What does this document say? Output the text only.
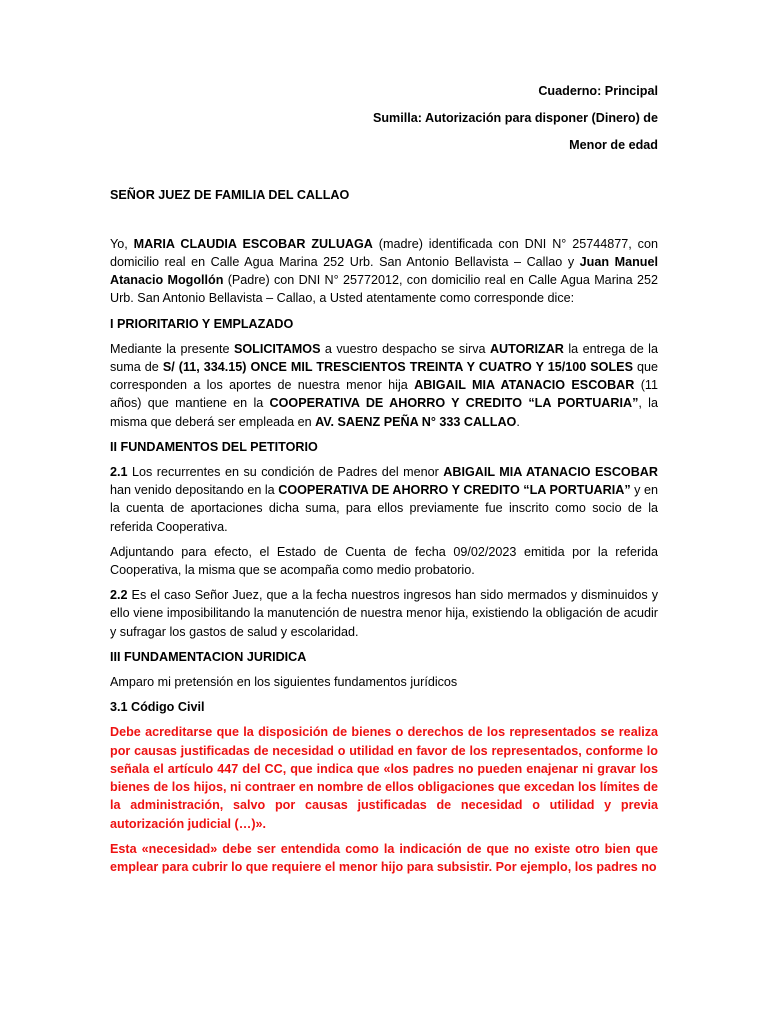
Cuaderno: Principal
Sumilla: Autorización para disponer (Dinero) de
Menor de edad
SEÑOR JUEZ DE FAMILIA DEL CALLAO

Yo, MARIA CLAUDIA ESCOBAR ZULUAGA (madre) identificada con DNI N° 25744877, con domicilio real en Calle Agua Marina 252 Urb. San Antonio Bellavista – Callao y Juan Manuel Atanacio Mogollón (Padre) con DNI N° 25772012, con domicilio real en Calle Agua Marina 252 Urb. San Antonio Bellavista – Callao, a Usted atentamente como corresponde dice:

I PRIORITARIO Y EMPLAZADO

Mediante la presente SOLICITAMOS a vuestro despacho se sirva AUTORIZAR la entrega de la suma de S/ (11, 334.15) ONCE MIL TRESCIENTOS TREINTA Y CUATRO Y 15/100 SOLES que corresponden a los aportes de nuestra menor hija ABIGAIL MIA ATANACIO ESCOBAR (11 años) que mantiene en la COOPERATIVA DE AHORRO Y CREDITO “LA PORTUARIA”, la misma que deberá ser empleada en AV. SAENZ PEÑA N° 333 CALLAO.

II FUNDAMENTOS DEL PETITORIO

2.1 Los recurrentes en su condición de Padres del menor ABIGAIL MIA ATANACIO ESCOBAR han venido depositando en la COOPERATIVA DE AHORRO Y CREDITO “LA PORTUARIA” y en la cuenta de aportaciones dicha suma, para ellos previamente fue inscrito como socio de la referida Cooperativa.

Adjuntando para efecto, el Estado de Cuenta de fecha 09/02/2023 emitida por la referida Cooperativa, la misma que se acompaña como medio probatorio.

2.2 Es el caso Señor Juez, que a la fecha nuestros ingresos han sido mermados y disminuidos y ello viene imposibilitando la manutención de nuestra menor hija, existiendo la obligación de acudir y sufragar los gastos de salud y escolaridad.

III FUNDAMENTACION JURIDICA
Amparo mi pretensión en los siguientes fundamentos jurídicos
3.1 Código Civil

Debe acreditarse que la disposición de bienes o derechos de los representados se realiza por causas justificadas de necesidad o utilidad en favor de los representados, conforme lo señala el artículo 447 del CC, que indica que «los padres no pueden enajenar ni gravar los bienes de los hijos, ni contraer en nombre de ellos obligaciones que excedan los límites de la administración, salvo por causas justificadas de necesidad o utilidad y previa autorización judicial (…)».

Esta «necesidad» debe ser entendida como la indicación de que no existe otro bien que emplear para cubrir lo que requiere el menor hijo para subsistir. Por ejemplo, los padres no
